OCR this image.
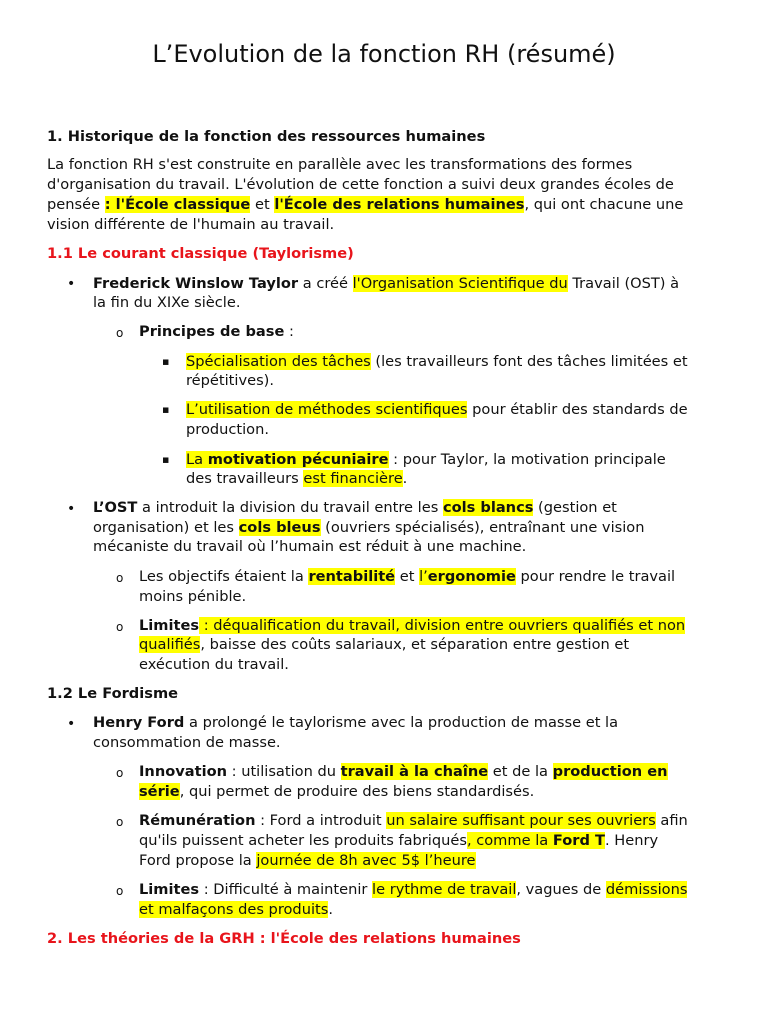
L’Evolution de la fonction RH (résumé)
1. Historique de la fonction des ressources humaines
La fonction RH s'est construite en parallèle avec les transformations des formes
d'organisation du travail. L'évolution de cette fonction a suivi deux grandes écoles de
pensée : l'École classique et l'École des relations humaines, qui ont chacune une
vision différente de l'humain au travail.
1.1 Le courant classique (Taylorisme)
• Frederick Winslow Taylor a créé l'Organisation Scientifique du Travail (OST) à
la fin du XIXe siècle.
o Principes de base :
▪ Spécialisation des tâches (les travailleurs font des tâches limitées et
répétitives).
▪ L’utilisation de méthodes scientifiques pour établir des standards de
production.
▪ La motivation pécuniaire : pour Taylor, la motivation principale
des travailleurs est financière.
• L’OST a introduit la division du travail entre les cols blancs (gestion et
organisation) et les cols bleus (ouvriers spécialisés), entraînant une vision
mécaniste du travail où l’humain est réduit à une machine.
o Les objectifs étaient la rentabilité et l’ergonomie pour rendre le travail
moins pénible.
o Limites : déqualification du travail, division entre ouvriers qualifiés et non
qualifiés, baisse des coûts salariaux, et séparation entre gestion et
exécution du travail.
1.2 Le Fordisme
• Henry Ford a prolongé le taylorisme avec la production de masse et la
consommation de masse.
o Innovation : utilisation du travail à la chaîne et de la production en
série, qui permet de produire des biens standardisés.
o Rémunération : Ford a introduit un salaire suffisant pour ses ouvriers afin
qu'ils puissent acheter les produits fabriqués, comme la Ford T. Henry
Ford propose la journée de 8h avec 5$ l’heure
o Limites : Difficulté à maintenir le rythme de travail, vagues de démissions
et malfaçons des produits.
2. Les théories de la GRH : l'École des relations humaines
